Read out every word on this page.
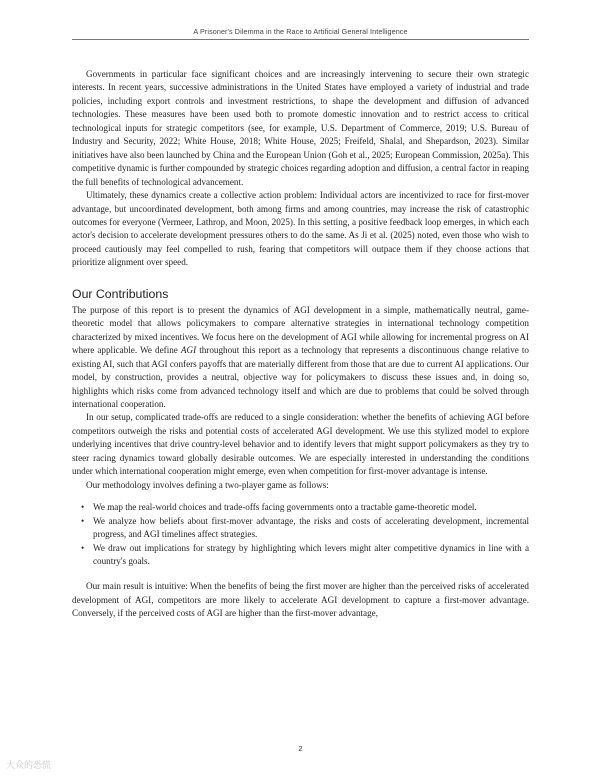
A Prisoner's Dilemma in the Race to Artificial General Intelligence

Governments in particular face significant choices and are increasingly intervening to secure their own strategic interests. In recent years, successive administrations in the United States have employed a variety of industrial and trade policies, including export controls and investment restrictions, to shape the development and diffusion of advanced technologies. These measures have been used both to promote domestic innovation and to restrict access to critical technological inputs for strategic competitors (see, for example, U.S. Department of Commerce, 2019; U.S. Bureau of Industry and Security, 2022; White House, 2018; White House, 2025; Freifeld, Shalal, and Shepardson, 2023). Similar initiatives have also been launched by China and the European Union (Goh et al., 2025; European Commission, 2025a). This competitive dynamic is further compounded by strategic choices regarding adoption and diffusion, a central factor in reaping the full benefits of technological advancement.

Ultimately, these dynamics create a collective action problem: Individual actors are incentivized to race for first-mover advantage, but uncoordinated development, both among firms and among countries, may increase the risk of catastrophic outcomes for everyone (Vermeer, Lathrop, and Moon, 2025). In this setting, a positive feedback loop emerges, in which each actor's decision to accelerate development pressures others to do the same. As Ji et al. (2025) noted, even those who wish to proceed cautiously may feel compelled to rush, fearing that competitors will outpace them if they choose actions that prioritize alignment over speed.

Our Contributions

The purpose of this report is to present the dynamics of AGI development in a simple, mathematically neutral, game-theoretic model that allows policymakers to compare alternative strategies in international technology competition characterized by mixed incentives. We focus here on the development of AGI while allowing for incremental progress on AI where applicable. We define AGI throughout this report as a technology that represents a discontinuous change relative to existing AI, such that AGI confers payoffs that are materially different from those that are due to current AI applications. Our model, by construction, provides a neutral, objective way for policymakers to discuss these issues and, in doing so, highlights which risks come from advanced technology itself and which are due to problems that could be solved through international cooperation.

In our setup, complicated trade-offs are reduced to a single consideration: whether the benefits of achieving AGI before competitors outweigh the risks and potential costs of accelerated AGI development. We use this stylized model to explore underlying incentives that drive country-level behavior and to identify levers that might support policymakers as they try to steer racing dynamics toward globally desirable outcomes. We are especially interested in understanding the conditions under which international cooperation might emerge, even when competition for first-mover advantage is intense.

Our methodology involves defining a two-player game as follows:

• We map the real-world choices and trade-offs facing governments onto a tractable game-theoretic model.
• We analyze how beliefs about first-mover advantage, the risks and costs of accelerating development, incremental progress, and AGI timelines affect strategies.
• We draw out implications for strategy by highlighting which levers might alter competitive dynamics in line with a country's goals.

Our main result is intuitive: When the benefits of being the first mover are higher than the perceived risks of accelerated development of AGI, competitors are more likely to accelerate AGI development to capture a first-mover advantage. Conversely, if the perceived costs of AGI are higher than the first-mover advantage,

2
大众的恐慌
